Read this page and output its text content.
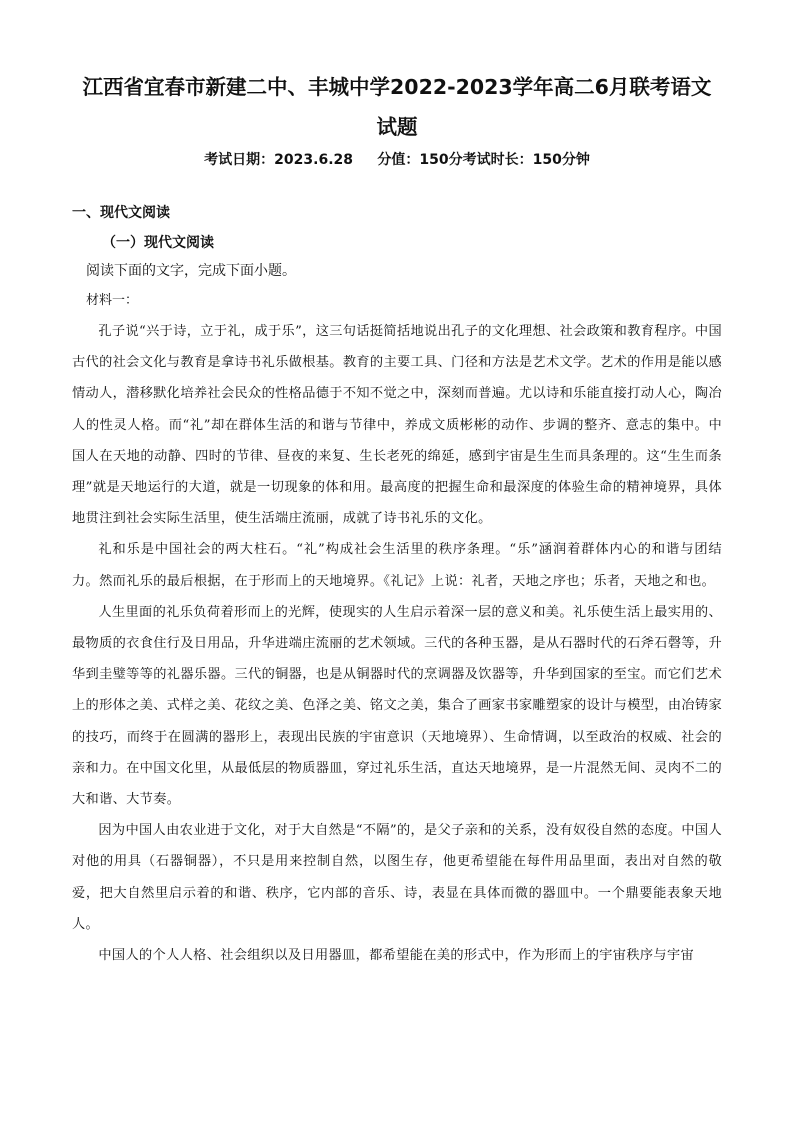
江西省宜春市新建二中、丰城中学2022-2023学年高二6月联考语文
试题
考试日期：2023.6.28     分值：150分考试时长：150分钟
一、现代文阅读
（一）现代文阅读
阅读下面的文字，完成下面小题。
材料一：

孔子说“兴于诗，立于礼，成于乐”，这三句话挺简括地说出孔子的文化理想、社会政策和教育程序。中国古代的社会文化与教育是拿诗书礼乐做根基。教育的主要工具、门径和方法是艺术文学。艺术的作用是能以感情动人，潜移默化培养社会民众的性格品德于不知不觉之中，深刻而普遍。尤以诗和乐能直接打动人心，陶冶人的性灵人格。而“礼”却在群体生活的和谐与节律中，养成文质彬彬的动作、步调的整齐、意志的集中。中国人在天地的动静、四时的节律、昼夜的来复、生长老死的绵延，感到宇宙是生生而具条理的。这“生生而条理”就是天地运行的大道，就是一切现象的体和用。最高度的把握生命和最深度的体验生命的精神境界，具体地贯注到社会实际生活里，使生活端庄流丽，成就了诗书礼乐的文化。

礼和乐是中国社会的两大柱石。“礼”构成社会生活里的秩序条理。“乐”涵润着群体内心的和谐与团结力。然而礼乐的最后根据，在于形而上的天地境界。《礼记》上说：礼者，天地之序也；乐者，天地之和也。

人生里面的礼乐负荷着形而上的光辉，使现实的人生启示着深一层的意义和美。礼乐使生活上最实用的、最物质的衣食住行及日用品，升华进端庄流丽的艺术领域。三代的各种玉器，是从石器时代的石斧石磬等，升华到圭璧等等的礼器乐器。三代的铜器，也是从铜器时代的烹调器及饮器等，升华到国家的至宝。而它们艺术上的形体之美、式样之美、花纹之美、色泽之美、铭文之美，集合了画家书家雕塑家的设计与模型，由冶铸家的技巧，而终于在圆满的器形上，表现出民族的宇宙意识（天地境界）、生命情调，以至政治的权威、社会的亲和力。在中国文化里，从最低层的物质器皿，穿过礼乐生活，直达天地境界，是一片混然无间、灵肉不二的大和谐、大节奏。

因为中国人由农业进于文化，对于大自然是“不隔”的，是父子亲和的关系，没有奴役自然的态度。中国人对他的用具（石器铜器），不只是用来控制自然，以图生存，他更希望能在每件用品里面，表出对自然的敬爱，把大自然里启示着的和谐、秩序，它内部的音乐、诗，表显在具体而微的器皿中。一个鼎要能表象天地人。

中国人的个人人格、社会组织以及日用器皿，都希望能在美的形式中，作为形而上的宇宙秩序与宇宙
